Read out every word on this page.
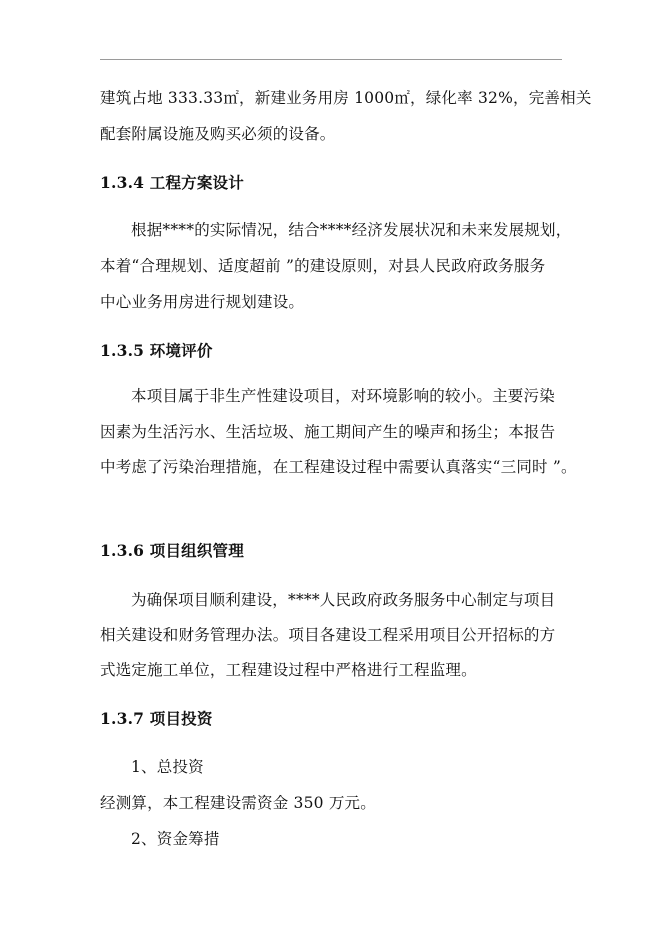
建筑占地 333.33㎡，新建业务用房 1000㎡，绿化率 32%，完善相关
配套附属设施及购买必须的设备。
1.3.4 工程方案设计
根据****的实际情况，结合****经济发展状况和未来发展规划，
本着“合理规划、适度超前 ”的建设原则，对县人民政府政务服务
中心业务用房进行规划建设。
1.3.5 环境评价
本项目属于非生产性建设项目，对环境影响的较小。主要污染
因素为生活污水、生活垃圾、施工期间产生的噪声和扬尘；本报告
中考虑了污染治理措施，在工程建设过程中需要认真落实“三同时 ”。
1.3.6 项目组织管理
为确保项目顺利建设，****人民政府政务服务中心制定与项目
相关建设和财务管理办法。项目各建设工程采用项目公开招标的方
式选定施工单位，工程建设过程中严格进行工程监理。
1.3.7 项目投资
1、总投资
经测算，本工程建设需资金 350 万元。
2、资金筹措
